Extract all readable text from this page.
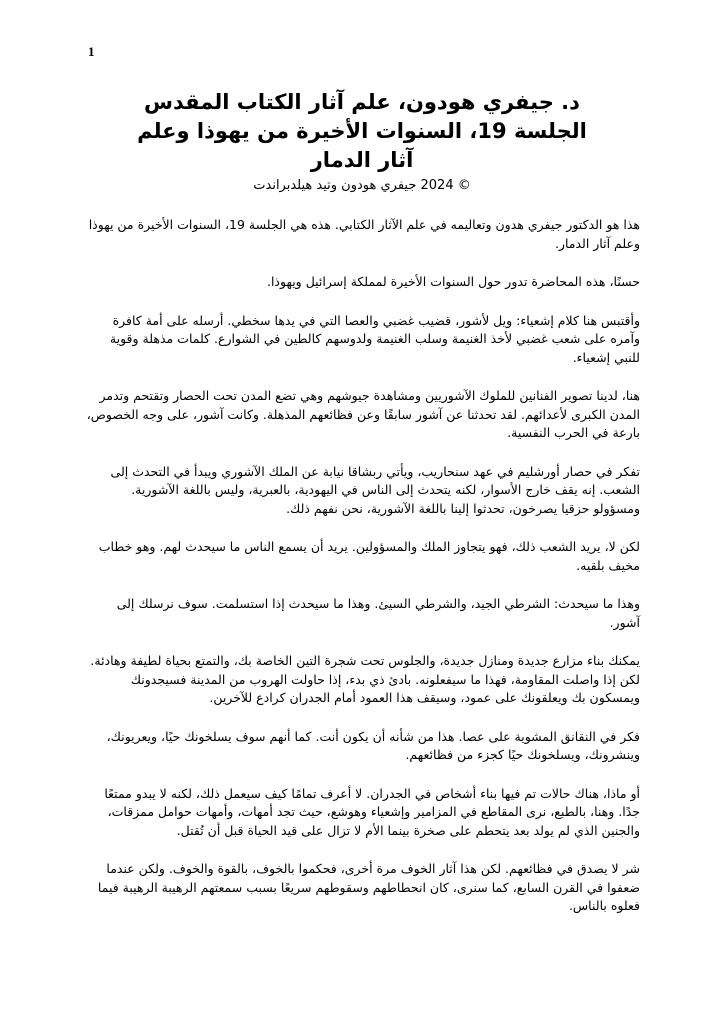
1
د. جيفري هودون، علم آثار الكتاب المقدس
الجلسة 19، السنوات الأخيرة من يهوذا وعلم
آثار الدمار
© 2024 جيفري هودون وتيد هيلدبراندت

هذا هو الدكتور جيفري هدون وتعاليمه في علم الآثار الكتابي. هذه هي الجلسة 19، السنوات الأخيرة من يهوذا وعلم آثار الدمار.

حسنًا، هذه المحاضرة تدور حول السنوات الأخيرة لمملكة إسرائيل ويهوذا.

وأقتبس هنا كلام إشعياء: ويل لأشور، قضيب غضبي والعصا التي في يدها سخطي. أرسله على أمة كافرة وآمره على شعب غضبي لأخذ الغنيمة وسلب الغنيمة ولدوسهم كالطين في الشوارع. كلمات مذهلة وقوية للنبي إشعياء.

هنا، لدينا تصوير الفنانين للملوك الآشوريين ومشاهدة جيوشهم وهي تضع المدن تحت الحصار وتقتحم وتدمر المدن الكبرى لأعدائهم. لقد تحدثنا عن آشور سابقًا وعن فظائعهم المذهلة. وكانت آشور، على وجه الخصوص، بارعة في الحرب النفسية.

تفكر في حصار أورشليم في عهد سنحاريب، ويأتي ربشاقا نيابة عن الملك الآشوري ويبدأ في التحدث إلى الشعب. إنه يقف خارج الأسوار، لكنه يتحدث إلى الناس في اليهودية، بالعبرية، وليس باللغة الآشورية. ومسؤولو حزقيا يصرخون، تحدثوا إلينا باللغة الآشورية، نحن نفهم ذلك.

لكن لا، يريد الشعب ذلك، فهو يتجاوز الملك والمسؤولين. يريد أن يسمع الناس ما سيحدث لهم. وهو خطاب مخيف بلقيه.

وهذا ما سيحدث: الشرطي الجيد، والشرطي السيئ. وهذا ما سيحدث إذا استسلمت. سوف نرسلك إلى آشور.

يمكنك بناء مزارع جديدة ومنازل جديدة، والجلوس تحت شجرة التين الخاصة بك، والتمتع بحياة لطيفة وهادئة. لكن إذا واصلت المقاومة، فهذا ما سيفعلونه. بادئ ذي بدء، إذا حاولت الهروب من المدينة فسيجدونك ويمسكون بك ويعلقونك على عمود، وسيقف هذا العمود أمام الجدران كرادع للآخرين.

فكر في النقانق المشوية على عصا. هذا من شأنه أن يكون أنت. كما أنهم سوف يسلخونك حيًا، ويعريونك، وينشرونك، ويسلخونك حيًا كجزء من فظائعهم.

أو ماذا، هناك حالات تم فيها بناء أشخاص في الجدران. لا أعرف تمامًا كيف سيعمل ذلك، لكنه لا يبدو ممتعًا جدًا. وهنا، بالطبع، نرى المقاطع في المزامير وإشعياء وهوشع، حيث تجد أمهات، وأمهات حوامل ممزقات، والجنين الذي لم يولد بعد يتحطم على صخرة بينما الأم لا تزال على قيد الحياة قبل أن تُقتل.

شر لا يصدق في فظائعهم. لكن هذا آثار الخوف مرة أخرى، فحكموا بالخوف، بالقوة والخوف. ولكن عندما ضعفوا في القرن السابع، كما سنرى، كان انحطاطهم وسقوطهم سريعًا بسبب سمعتهم الرهيبة الرهيبة فيما فعلوه بالناس.
